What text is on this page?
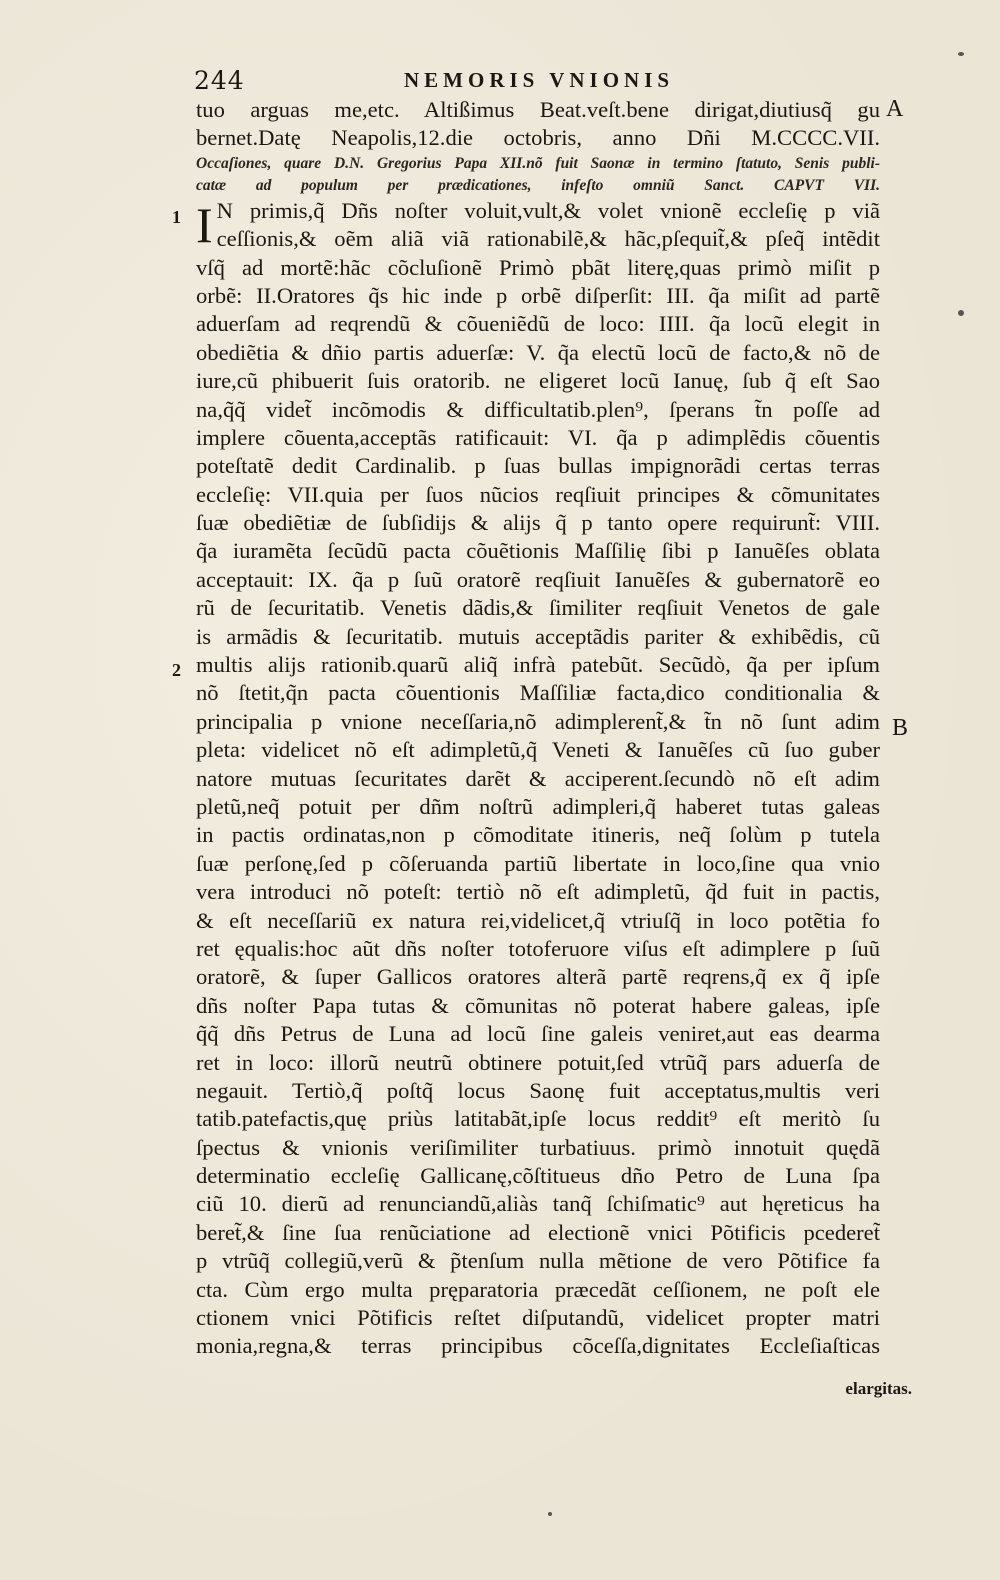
244	NEMORIS VNIONIS
A
B
1
2
tuo arguas me,etc. Altißimus Beat.veſt.bene dirigat,diutiusq̃ gu
bernet.Datę Neapolis,12.die octobris, anno Dñi M.CCCC.VII.
Occaſiones, quare D.N. Gregorius Papa XII.nõ fuit Saonæ in termino ſtatuto, Senis publi-
catæ ad populum per prædicationes, infeſto omniũ Sanct. CAPVT VII.
I N primis,q̃ Dñs noſter voluit,vult,& volet vnionẽ eccleſię p viã
ceſſionis,& oẽm aliã viã rationabilẽ,& hãc,pſequit̃,& pſeq̃ intẽdit
vſq̃ ad mortẽ:hãc cõcluſionẽ Primò pbãt literę,quas primò miſit p
orbẽ: II.Oratores q̃s hic inde p orbẽ diſperſit: III. q̃a miſit ad partẽ
aduerſam ad reqrendũ & cõueniẽdũ de loco: IIII. q̃a locũ elegit in
obediẽtia & dñio partis aduerſæ: V. q̃a electũ locũ de facto,& nõ de
iure,cũ phibuerit ſuis oratorib. ne eligeret locũ Ianuę, ſub q̃ eſt Sao
na,q̃q̃ videt̃ incõmodis & difficultatib.plen⁹, ſperans t̃n poſſe ad
implere cõuenta,acceptãs ratificauit: VI. q̃a p adimplẽdis cõuentis
poteſtatẽ dedit Cardinalib. p ſuas bullas impignorãdi certas terras
eccleſię: VII.quia per ſuos nũcios reqſiuit principes & cõmunitates
ſuæ obediẽtiæ de ſubſidijs & alijs q̃ p tanto opere requirunt̃: VIII.
q̃a iuramẽta ſecũdũ pacta cõuẽtionis Maſſilię ſibi p Ianuẽſes oblata
acceptauit: IX. q̃a p ſuũ oratorẽ reqſiuit Ianuẽſes & gubernatorẽ eo
rũ de ſecuritatib. Venetis dãdis,& ſimiliter reqſiuit Venetos de gale
is armãdis & ſecuritatib. mutuis acceptãdis pariter & exhibẽdis, cũ
multis alijs rationib.quarũ aliq̃ infrà patebũt. Secũdò, q̃a per ipſum
nõ ſtetit,q̃n pacta cõuentionis Maſſiliæ facta,dico conditionalia &
principalia p vnione neceſſaria,nõ adimplerent̃,& t̃n nõ ſunt adim
pleta: videlicet nõ eſt adimpletũ,q̃ Veneti & Ianuẽſes cũ ſuo guber
natore mutuas ſecuritates darẽt & acciperent.ſecundò nõ eſt adim
pletũ,neq̃ potuit per dñm noſtrũ adimpleri,q̃ haberet tutas galeas
in pactis ordinatas,non p cõmoditate itineris, neq̃ ſolùm p tutela
ſuæ perſonę,ſed p cõſeruanda partiũ libertate in loco,ſine qua vnio
vera introduci nõ poteſt: tertiò nõ eſt adimpletũ, q̃d fuit in pactis,
& eſt neceſſariũ ex natura rei,videlicet,q̃ vtriuſq̃ in loco potẽtia fo
ret ęqualis:hoc aũt dñs noſter totoferuore viſus eſt adimplere p ſuũ
oratorẽ, & ſuper Gallicos oratores alterã partẽ reqrens,q̃ ex q̃ ipſe
dñs noſter Papa tutas & cõmunitas nõ poterat habere galeas, ipſe
q̃q̃ dñs Petrus de Luna ad locũ ſine galeis veniret,aut eas dearma
ret in loco: illorũ neutrũ obtinere potuit,ſed vtrũq̃ pars aduerſa de
negauit. Tertiò,q̃ poſtq̃ locus Saonę fuit acceptatus,multis veri
tatib.patefactis,quę priùs latitabãt,ipſe locus reddit⁹ eſt meritò ſu
ſpectus & vnionis veriſimiliter turbatiuus. primò innotuit quędã
determinatio eccleſię Gallicanę,cõſtitueus dño Petro de Luna ſpa
ciũ 10. dierũ ad renunciandũ,aliàs tanq̃ ſchiſmatic⁹ aut hęreticus ha
beret̃,& ſine ſua renũciatione ad electionẽ vnici Põtificis pcederet̃
p vtrũq̃ collegiũ,verũ & p̃tenſum nulla mẽtione de vero Põtifice fa
cta. Cùm ergo multa pręparatoria præcedãt ceſſionem, ne poſt ele
ctionem vnici Põtificis reſtet diſputandũ, videlicet propter matri
monia,regna,& terras principibus cõceſſa,dignitates Eccleſiaſticas
elargitas.
